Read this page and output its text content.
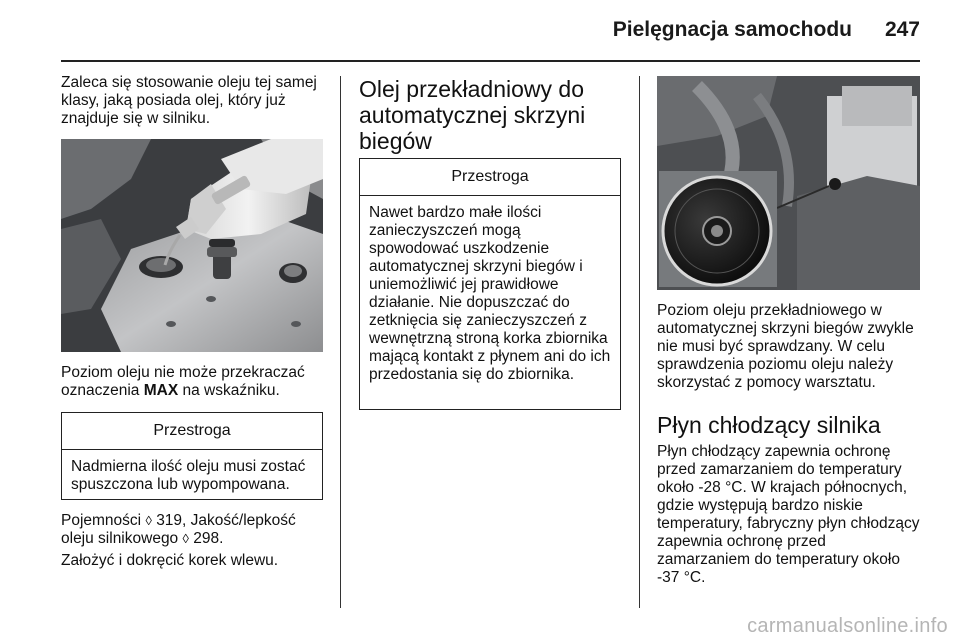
Pielęgnacja samochodu 247

Zaleca się stosowanie oleju tej samej klasy, jaką posiada olej, który już znajduje się w silniku.

Poziom oleju nie może przekraczać oznaczenia MAX na wskaźniku.

Przestroga
Nadmierna ilość oleju musi zostać spuszczona lub wypompowana.

Pojemności ◊ 319, Jakość/lepkość oleju silnikowego ◊ 298.

Założyć i dokręcić korek wlewu.

Olej przekładniowy do automatycznej skrzyni biegów
Przestroga
Nawet bardzo małe ilości zanieczyszczeń mogą spowodować uszkodzenie automatycznej skrzyni biegów i uniemożliwić jej prawidłowe działanie. Nie dopuszczać do zetknięcia się zanieczyszczeń z wewnętrzną stroną korka zbiornika mającą kontakt z płynem ani do ich przedostania się do zbiornika.

Poziom oleju przekładniowego w automatycznej skrzyni biegów zwykle nie musi być sprawdzany. W celu sprawdzenia poziomu oleju należy skorzystać z pomocy warsztatu.

Płyn chłodzący silnika

Płyn chłodzący zapewnia ochronę przed zamarzaniem do temperatury około -28 °C. W krajach północnych, gdzie występują bardzo niskie temperatury, fabryczny płyn chłodzący zapewnia ochronę przed zamarzaniem do temperatury około -37 °C.

carmanualsonline.info
